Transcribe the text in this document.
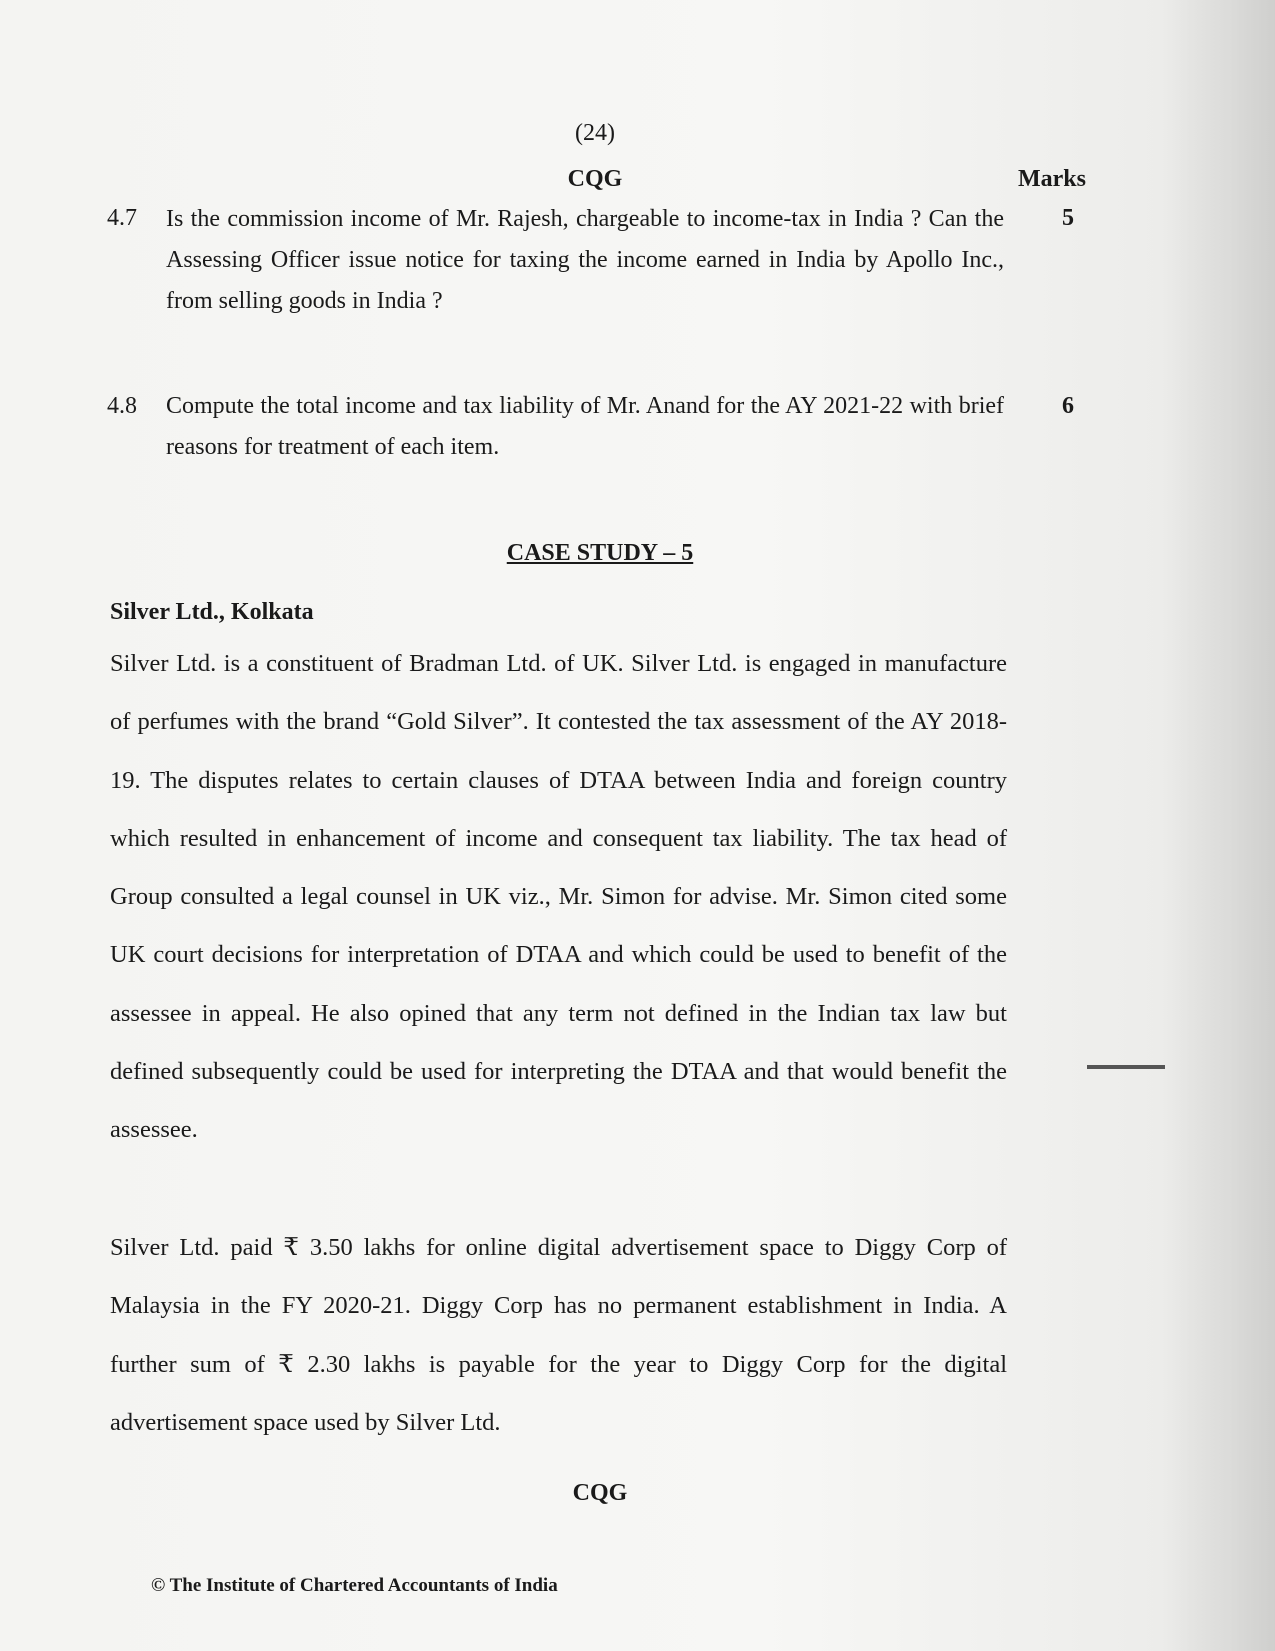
(24)
CQG	Marks
4.7 Is the commission income of Mr. Rajesh, chargeable to income-tax in India ? Can the Assessing Officer issue notice for taxing the income earned in India by Apollo Inc., from selling goods in India ?
5
4.8 Compute the total income and tax liability of Mr. Anand for the AY 2021-22 with brief reasons for treatment of each item.
6
CASE STUDY – 5
Silver Ltd., Kolkata
Silver Ltd. is a constituent of Bradman Ltd. of UK. Silver Ltd. is engaged in manufacture of perfumes with the brand “Gold Silver”. It contested the tax assessment of the AY 2018-19. The disputes relates to certain clauses of DTAA between India and foreign country which resulted in enhancement of income and consequent tax liability. The tax head of Group consulted a legal counsel in UK viz., Mr. Simon for advise. Mr. Simon cited some UK court decisions for interpretation of DTAA and which could be used to benefit of the assessee in appeal. He also opined that any term not defined in the Indian tax law but defined subsequently could be used for interpreting the DTAA and that would benefit the assessee.
Silver Ltd. paid ₹ 3.50 lakhs for online digital advertisement space to Diggy Corp of Malaysia in the FY 2020-21. Diggy Corp has no permanent establishment in India. A further sum of ₹ 2.30 lakhs is payable for the year to Diggy Corp for the digital advertisement space used by Silver Ltd.
CQG
© The Institute of Chartered Accountants of India
